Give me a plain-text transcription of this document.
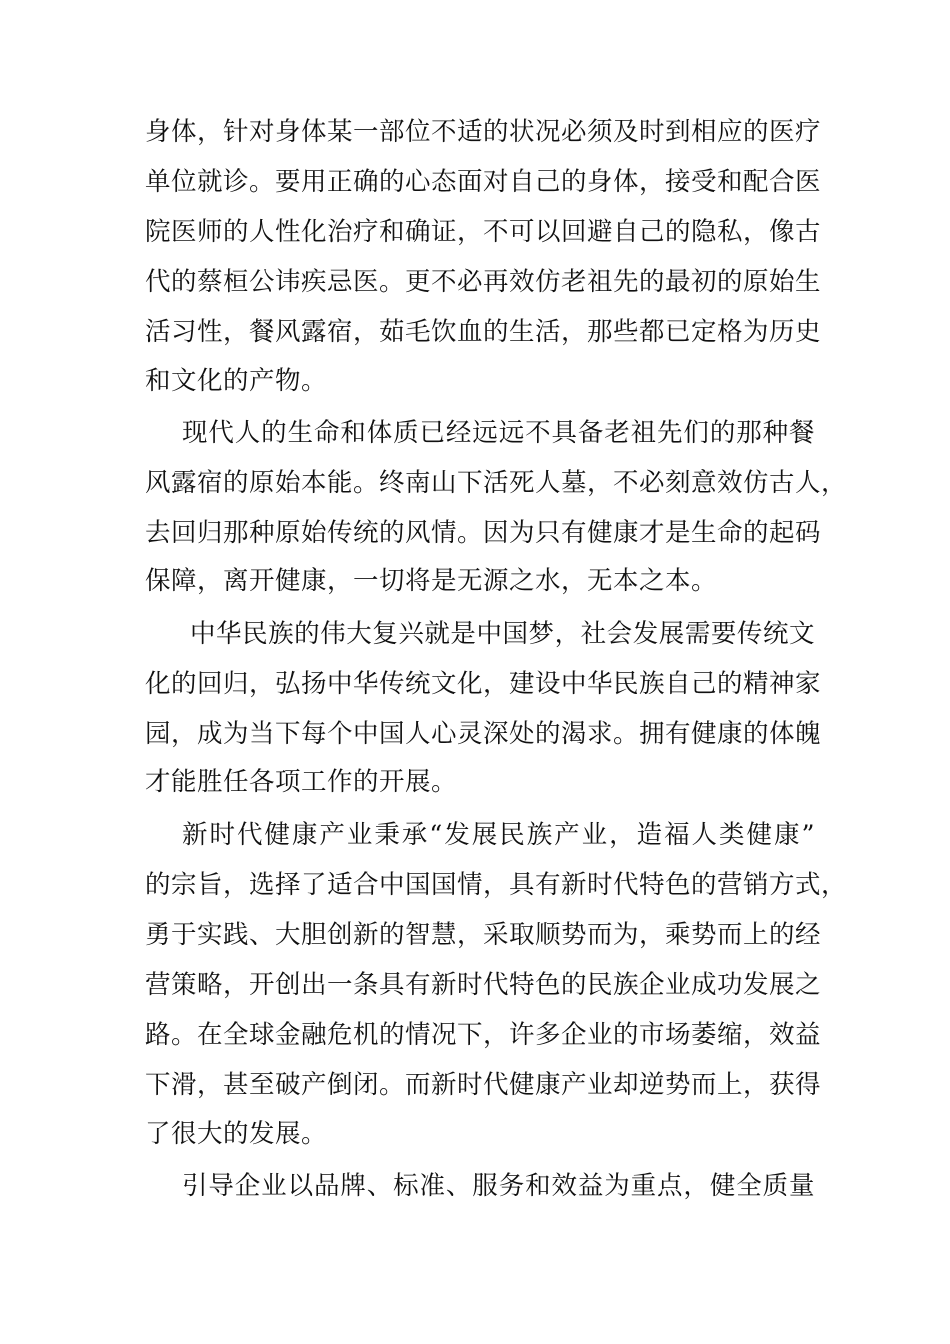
身体，针对身体某一部位不适的状况必须及时到相应的医疗
单位就诊。要用正确的心态面对自己的身体，接受和配合医
院医师的人性化治疗和确证，不可以回避自己的隐私，像古
代的蔡桓公讳疾忌医。更不必再效仿老祖先的最初的原始生
活习性，餐风露宿，茹毛饮血的生活，那些都已定格为历史
和文化的产物。
现代人的生命和体质已经远远不具备老祖先们的那种餐
风露宿的原始本能。终南山下活死人墓，不必刻意效仿古人，
去回归那种原始传统的风情。因为只有健康才是生命的起码
保障，离开健康，一切将是无源之水，无本之本。
中华民族的伟大复兴就是中国梦，社会发展需要传统文
化的回归，弘扬中华传统文化，建设中华民族自己的精神家
园，成为当下每个中国人心灵深处的渴求。拥有健康的体魄
才能胜任各项工作的开展。
新时代健康产业秉承“发展民族产业，造福人类健康”
的宗旨，选择了适合中国国情，具有新时代特色的营销方式，
勇于实践、大胆创新的智慧，采取顺势而为，乘势而上的经
营策略，开创出一条具有新时代特色的民族企业成功发展之
路。在全球金融危机的情况下，许多企业的市场萎缩，效益
下滑，甚至破产倒闭。而新时代健康产业却逆势而上，获得
了很大的发展。
引导企业以品牌、标准、服务和效益为重点，健全质量
